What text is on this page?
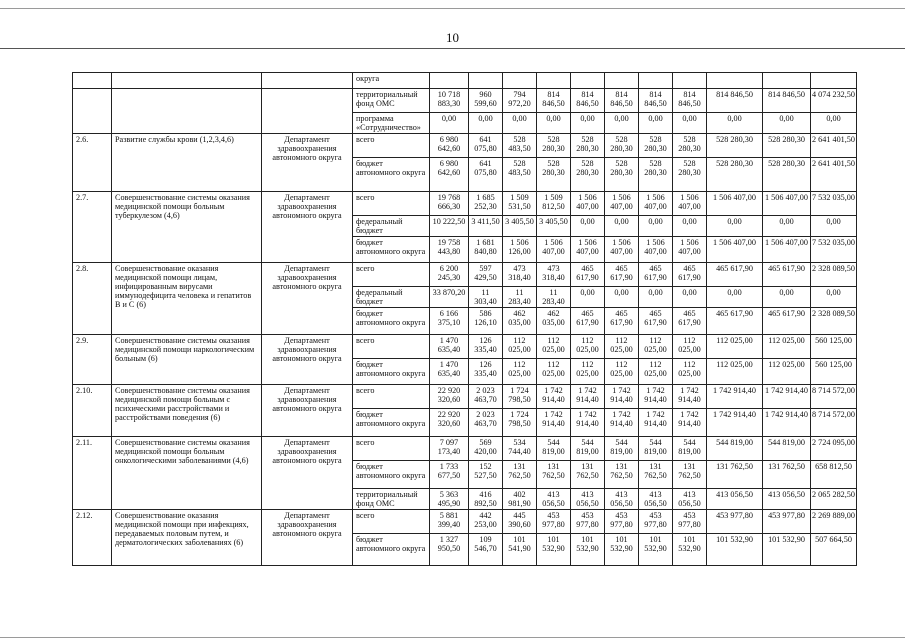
10
			округа											
			территориальный фонд ОМС	10 718 883,30	960 599,60	794 972,20	814 846,50	814 846,50	814 846,50	814 846,50	814 846,50	814 846,50	814 846,50	4 074 232,50
			программа «Сотрудничество»	0,00	0,00	0,00	0,00	0,00	0,00	0,00	0,00	0,00	0,00	0,00
2.6.	Развитие службы крови (1,2,3,4,6)	Департамент здравоохранения автономного округа	всего	6 980 642,60	641 075,80	528 483,50	528 280,30	528 280,30	528 280,30	528 280,30	528 280,30	528 280,30	528 280,30	2 641 401,50
			бюджет автономного округа	6 980 642,60	641 075,80	528 483,50	528 280,30	528 280,30	528 280,30	528 280,30	528 280,30	528 280,30	528 280,30	2 641 401,50
2.7.	Совершенствование системы оказания медицинской помощи больным туберкулезом (4,6)	Департамент здравоохранения автономного округа	всего	19 768 666,30	1 685 252,30	1 509 531,50	1 509 812,50	1 506 407,00	1 506 407,00	1 506 407,00	1 506 407,00	1 506 407,00	1 506 407,00	7 532 035,00
			федеральный бюджет	10 222,50	3 411,50	3 405,50	3 405,50	0,00	0,00	0,00	0,00	0,00	0,00	0,00
			бюджет автономного округа	19 758 443,80	1 681 840,80	1 506 126,00	1 506 407,00	1 506 407,00	1 506 407,00	1 506 407,00	1 506 407,00	1 506 407,00	1 506 407,00	7 532 035,00
2.8.	Совершенствование оказания медицинской помощи лицам, инфицированным вирусами иммунодефицита человека и гепатитов В и С (6)	Департамент здравоохранения автономного округа	всего	6 200 245,30	597 429,50	473 318,40	473 318,40	465 617,90	465 617,90	465 617,90	465 617,90	465 617,90	465 617,90	2 328 089,50
			федеральный бюджет	33 870,20	11 303,40	11 283,40	11 283,40	0,00	0,00	0,00	0,00	0,00	0,00	0,00
			бюджет автономного округа	6 166 375,10	586 126,10	462 035,00	462 035,00	465 617,90	465 617,90	465 617,90	465 617,90	465 617,90	465 617,90	2 328 089,50
2.9.	Совершенствование системы оказания медицинской помощи наркологическим больным (6)	Департамент здравоохранения автономного округа	всего	1 470 635,40	126 335,40	112 025,00	112 025,00	112 025,00	112 025,00	112 025,00	112 025,00	112 025,00	112 025,00	560 125,00
			бюджет автономного округа	1 470 635,40	126 335,40	112 025,00	112 025,00	112 025,00	112 025,00	112 025,00	112 025,00	112 025,00	112 025,00	560 125,00
2.10.	Совершенствование системы оказания медицинской помощи больным с психическими расстройствами и расстройствами поведения (6)	Департамент здравоохранения автономного округа	всего	22 920 320,60	2 023 463,70	1 724 798,50	1 742 914,40	1 742 914,40	1 742 914,40	1 742 914,40	1 742 914,40	1 742 914,40	1 742 914,40	8 714 572,00
			бюджет автономного округа	22 920 320,60	2 023 463,70	1 724 798,50	1 742 914,40	1 742 914,40	1 742 914,40	1 742 914,40	1 742 914,40	1 742 914,40	1 742 914,40	8 714 572,00
2.11.	Совершенствование системы оказания медицинской помощи больным онкологическими заболеваниями (4,6)	Департамент здравоохранения автономного округа	всего	7 097 173,40	569 420,00	534 744,40	544 819,00	544 819,00	544 819,00	544 819,00	544 819,00	544 819,00	544 819,00	2 724 095,00
			бюджет автономного округа	1 733 677,50	152 527,50	131 762,50	131 762,50	131 762,50	131 762,50	131 762,50	131 762,50	131 762,50	131 762,50	658 812,50
			территориальный фонд ОМС	5 363 495,90	416 892,50	402 981,90	413 056,50	413 056,50	413 056,50	413 056,50	413 056,50	413 056,50	413 056,50	2 065 282,50
2.12.	Совершенствование оказания медицинской помощи при инфекциях, передаваемых половым путем, и дерматологических заболеваниях (6)	Департамент здравоохранения автономного округа	всего	5 881 399,40	442 253,00	445 390,60	453 977,80	453 977,80	453 977,80	453 977,80	453 977,80	453 977,80	453 977,80	2 269 889,00
			бюджет автономного округа	1 327 950,50	109 546,70	101 541,90	101 532,90	101 532,90	101 532,90	101 532,90	101 532,90	101 532,90	101 532,90	507 664,50
